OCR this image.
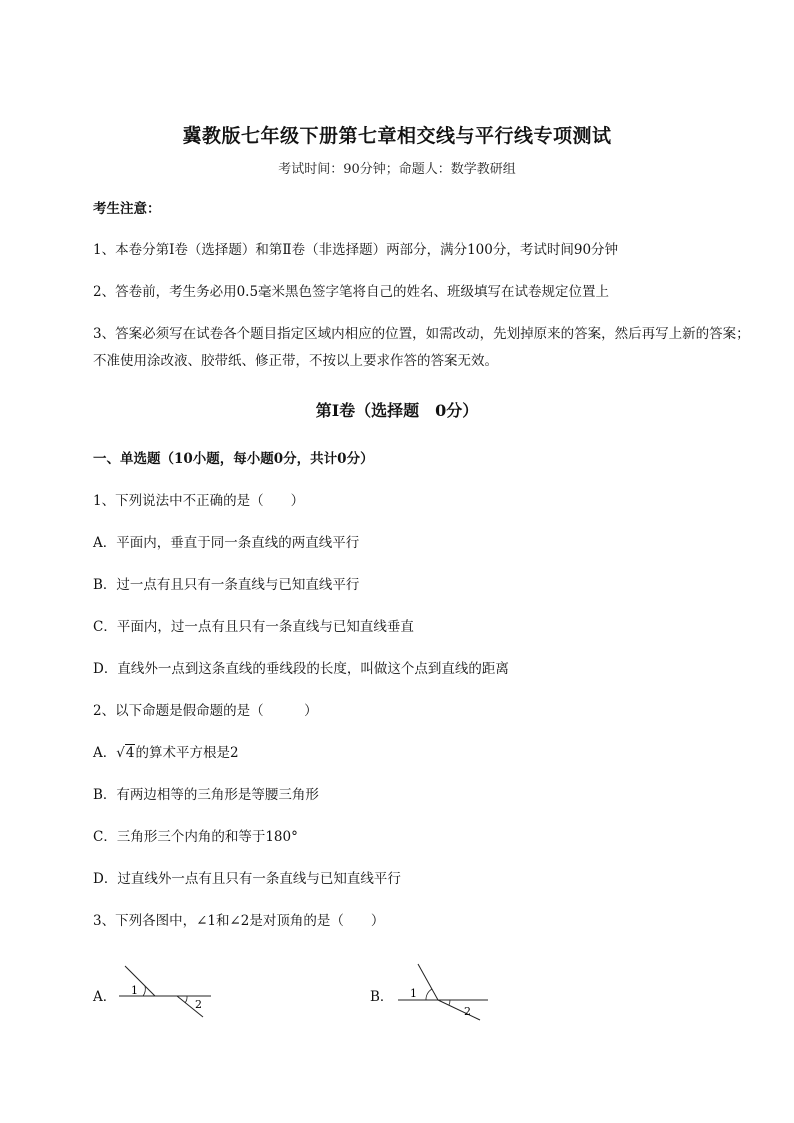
冀教版七年级下册第七章相交线与平行线专项测试
考试时间：90分钟；命题人：数学教研组
考生注意：
1、本卷分第I卷（选择题）和第Ⅱ卷（非选择题）两部分，满分100分，考试时间90分钟
2、答卷前，考生务必用0.5毫米黑色签字笔将自己的姓名、班级填写在试卷规定位置上
3、答案必须写在试卷各个题目指定区域内相应的位置，如需改动，先划掉原来的答案，然后再写上新的答案；不准使用涂改液、胶带纸、修正带，不按以上要求作答的答案无效。
第I卷（选择题　0分）
一、单选题（10小题，每小题0分，共计0分）
1、下列说法中不正确的是（　　）
A．平面内，垂直于同一条直线的两直线平行
B．过一点有且只有一条直线与已知直线平行
C．平面内，过一点有且只有一条直线与已知直线垂直
D．直线外一点到这条直线的垂线段的长度，叫做这个点到直线的距离
2、以下命题是假命题的是（　　　）
A．√4的算术平方根是2
B．有两边相等的三角形是等腰三角形
C．三角形三个内角的和等于180°
D．过直线外一点有且只有一条直线与已知直线平行
3、下列各图中，∠1和∠2是对顶角的是（　　）
A． 1
2	B． 1
2
